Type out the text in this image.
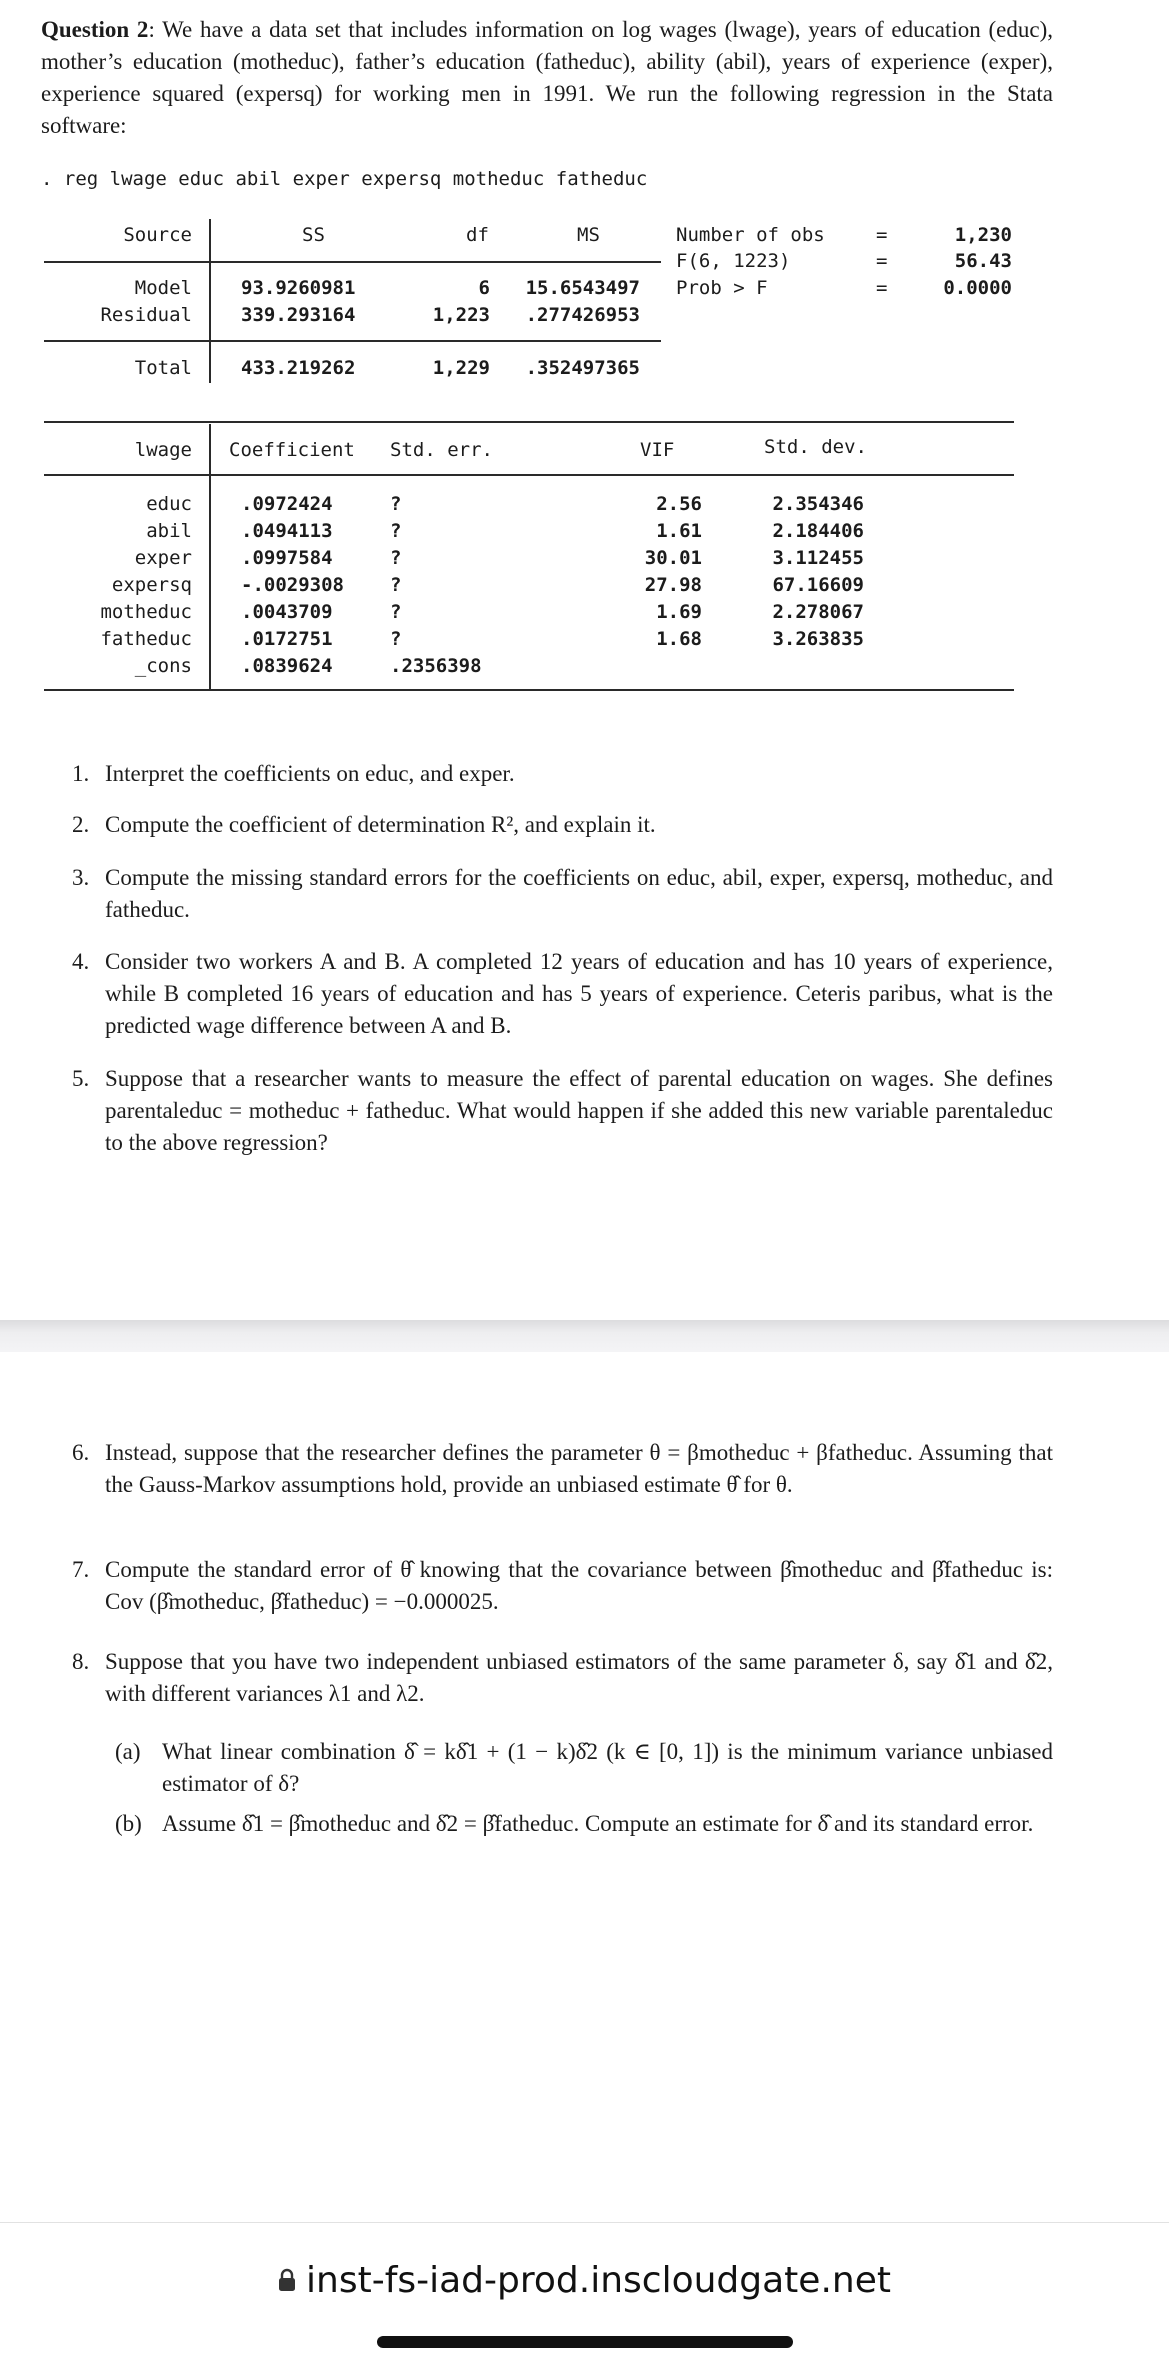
Question 2: We have a data set that includes information on log wages (lwage), years of education (educ), mother’s education (motheduc), father’s education (fatheduc), ability (abil), years of experience (exper), experience squared (expersq) for working men in 1991. We run the following regression in the Stata software:
. reg lwage educ abil exper expersq motheduc fatheduc
Source	SS	df	MS
Model	93.9260981	6	15.6543497
Residual	339.293164	1,223	.277426953
Total	433.219262	1,229	.352497365
Number of obs	=	1,230
F(6, 1223)	=	56.43
Prob > F	=	0.0000
lwage Coefficient Std. err.	VIF	Std. dev.
educ	.0972424	?	2.56	2.354346
abil	.0494113	?	1.61	2.184406
exper	.0997584	?	30.01	3.112455
expersq	-.0029308 ?	27.98	67.16609
motheduc	.0043709	?	1.69	2.278067
fatheduc	.0172751	?	1.68	3.263835
_cons	.0839624	.2356398
1. Interpret the coefficients on educ, and exper.
2. Compute the coefficient of determination R², and explain it.
3. Compute the missing standard errors for the coefficients on educ, abil, exper, expersq, motheduc, and fatheduc.
4. Consider two workers A and B. A completed 12 years of education and has 10 years of experience, while B completed 16 years of education and has 5 years of experience. Ceteris paribus, what is the predicted wage difference between A and B.
5. Suppose that a researcher wants to measure the effect of parental education on wages. She defines parentaleduc = motheduc + fatheduc. What would happen if she added this new variable parentaleduc to the above regression?
6. Instead, suppose that the researcher defines the parameter θ = βmotheduc + βfatheduc. Assuming that the Gauss-Markov assumptions hold, provide an unbiased estimate θ̂ for θ.
7. Compute the standard error of θ̂ knowing that the covariance between β̂motheduc and β̂fatheduc is: Cov (β̂motheduc, β̂fatheduc) = −0.000025.
8. Suppose that you have two independent unbiased estimators of the same parameter δ, say δ̂1 and δ̂2, with different variances λ1 and λ2.
(a) What linear combination δ̂ = kδ̂1 + (1 − k)δ̂2 (k ∈ [0, 1]) is the minimum variance unbiased estimator of δ?
(b) Assume δ̂1 = β̂motheduc and δ̂2 = β̂fatheduc. Compute an estimate for δ̂ and its standard error.
inst-fs-iad-prod.inscloudgate.net
